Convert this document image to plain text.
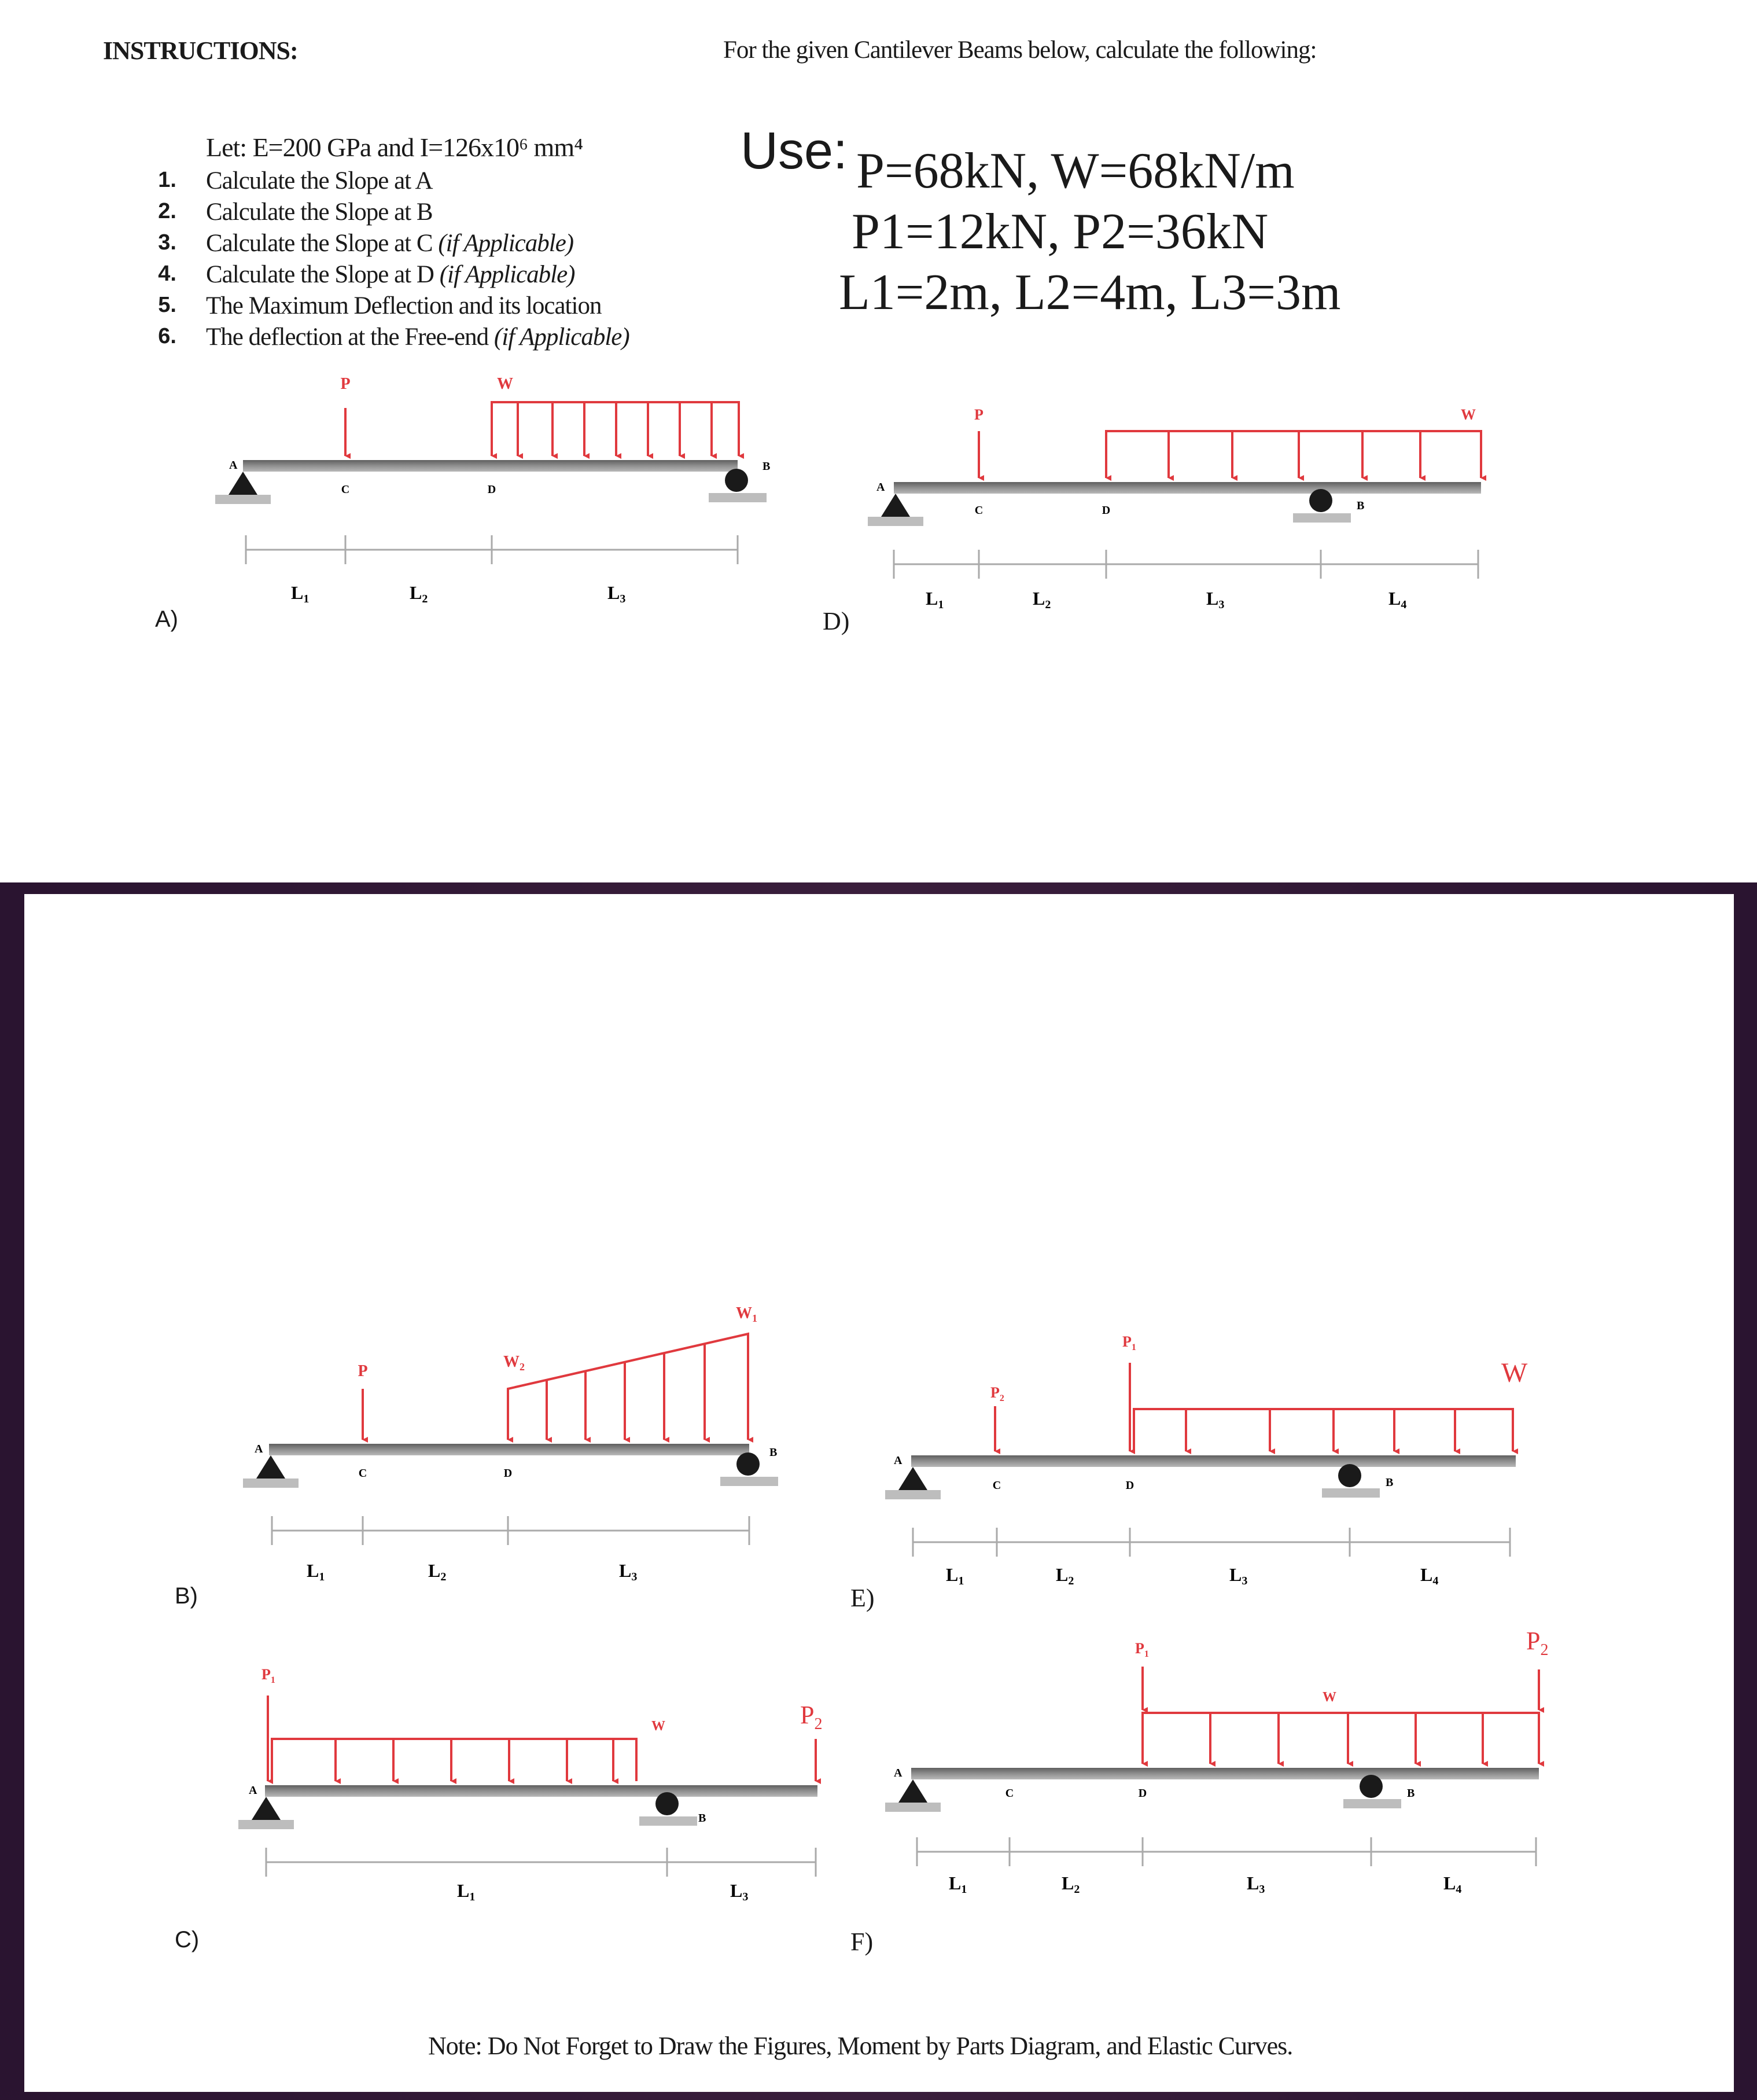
INSTRUCTIONS:	For the given Cantilever Beams below, calculate the following:
Let: E=200 GPa and I=126x10⁶ mm⁴
1. Calculate the Slope at A
2. Calculate the Slope at B
3. Calculate the Slope at C (if Applicable)
4. Calculate the Slope at D (if Applicable)
5. The Maximum Deflection and its location
6. The deflection at the Free-end (if Applicable)
Use: P=68kN, W=68kN/m
P1=12kN, P2=36kN
L1=2m, L2=4m, L3=3m
A)	D)
B)	E)
C)	F)
Note: Do Not Forget to Draw the Figures, Moment by Parts Diagram, and Elastic Curves.
P	W
A	B
C	D
L1	L2	L3
P	W
A
B
C	D
L1	L2	L3	L4
P
$W_2$
$W_1$
A	B
C	D
L1	L2	L3
$P_2$
$P_1$
W
A
B
C	D
L1	L2	L3	L4
$P_1$
W	$P_2$
A
B
L1	L3
$P_1$
W
$P_2$
A
B
C	D
L1	L2	L3	L4
